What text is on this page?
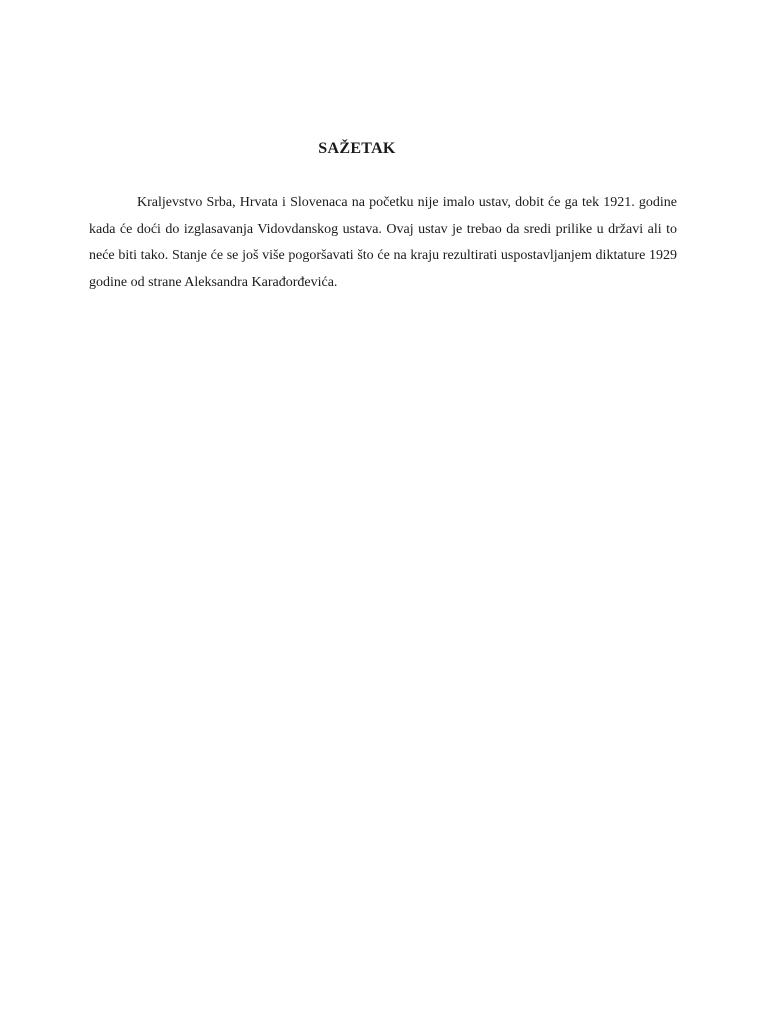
SAŽETAK

Kraljevstvo Srba, Hrvata i Slovenaca na početku nije imalo ustav, dobit će ga tek 1921. godine kada će doći do izglasavanja Vidovdanskog ustava. Ovaj ustav je trebao da sredi prilike u državi ali to neće biti tako. Stanje će se još više pogoršavati što će na kraju rezultirati uspostavljanjem diktature 1929 godine od strane Aleksandra Karađorđevića.
